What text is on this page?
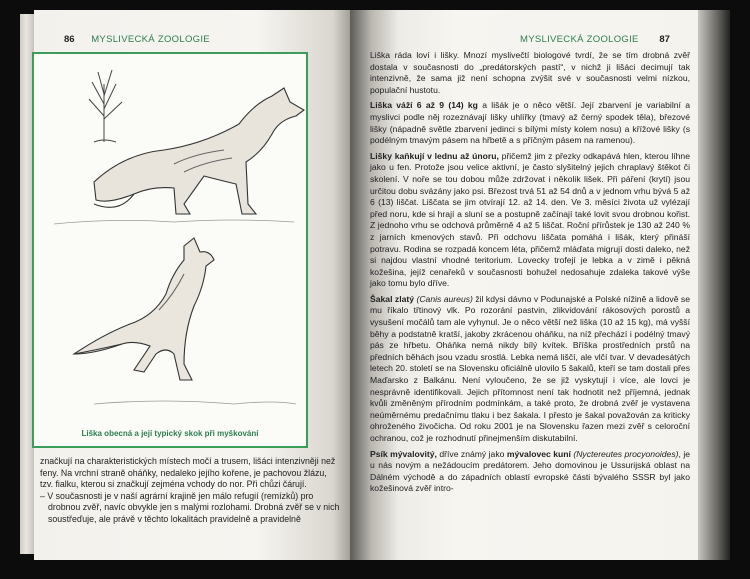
86 MYSLIVECKÁ ZOOLOGIE
Liška obecná a její typický skok při myškování

značkují na charakteristických místech močí a trusem, lišáci intenzivněji než feny. Na vrchní straně oháňky, nedaleko jejího kořene, je pachovou žlázu, tzv. fialku, kterou si značkují zejména vchody do nor. Při chůzi čárují.

– V současnosti je v naší agrární krajině jen málo refugií (remízků) pro drobnou zvěř, navíc obvykle jen s malými rozlohami. Drobná zvěř se v nich soustřeďuje, ale právě v těchto lokalitách pravidelně a pravidelně

MYSLIVECKÁ ZOOLOGIE 87

Liška ráda loví i lišky. Mnozí myslivečtí biologové tvrdí, že se tím drobná zvěř dostala v současnosti do „predátorských pastí“, v nichž ji lišáci decimují tak intenzivně, že sama již není schopna zvýšit své v současnosti velmi nízkou, populační hustotu.

Liška váží 6 až 9 (14) kg a lišák je o něco větší. Její zbarvení je variabilní a myslivci podle něj rozeznávají lišky uhlířky (tmavý až černý spodek těla), březové lišky (nápadně světle zbarvení jedinci s bílými místy kolem nosu) a křížové lišky (s podélným tmavým pásem na hřbetě a s příčným pásem na ramenou).

Lišky kaňkují v lednu až únoru, přičemž jim z přezky odkapává hlen, kterou líhne jako u fen. Protože jsou velice aktivní, je často slyšitelný jejich chraplavý štěkot či skolení. V noře se tou dobou může zdržovat i několik lišek. Při páření (krytí) jsou určitou dobu svázány jako psi. Březost trvá 51 až 54 dnů a v jednom vrhu bývá 5 až 6 (13) liščat. Liščata se jim otvírají 12. až 14. den. Ve 3. měsíci života už vylézají před noru, kde si hrají a sluní se a postupně začínají také lovit svou drobnou kořist. Z jednoho vrhu se odchová průměrně 4 až 5 liščat. Roční přírůstek je 130 až 240 % z jarních kmenových stavů. Při odchovu liščata pomáhá i lišák, který přináší potravu. Rodina se rozpadá koncem léta, přičemž mláďata migrují dosti daleko, než si najdou vlastní vhodné teritorium. Lovecky trofejí je lebka a v zimě i pěkná kožešina, jejíž cenařeků v současnosti bohužel nedosahuje zdaleka takové výše jako tomu bylo dříve.

Šakal zlatý (Canis aureus) žil kdysi dávno v Podunajské a Polské nížině a lidově se mu říkalo třtinový vlk. Po rozorání pastvin, zlikvidování rákosových porostů a vysušení močálů tam ale vyhynul. Je o něco větší než liška (10 až 15 kg), má vyšší běhy a podstatně kratší, jakoby zkrácenou oháňku, na níž přechází i podélný tmavý pás ze hřbetu. Oháňka nemá nikdy bílý kvítek. Bříška prostředních prstů na předních běhách jsou vzadu srostlá. Lebka nemá liščí, ale vlčí tvar. V devadesátých letech 20. století se na Slovensku oficiálně ulovilo 5 šakalů, kteří se tam dostali přes Maďarsko z Balkánu. Není vyloučeno, že se již vyskytují i více, ale lovci je nesprávně identifikovali. Jejich přítomnost není tak hodnotit než příjemná, jednak kvůli změněným přírodním podmínkám, a také proto, že drobná zvěř je vystavena neúměrnému predačnímu tlaku i bez šakala. I přesto je šakal považován za kriticky ohroženého živočicha. Od roku 2001 je na Slovensku řazen mezi zvěř s celoroční ochranou, což je rozhodnutí přinejmenším diskutabilní.

Psík mývalovitý, dříve známý jako mývalovec kuní (Nyctereutes procyonoides), je u nás novým a nežádoucím predátorem. Jeho domovinou je Ussurijská oblast na Dálném východě a do západních oblastí evropské části bývalého SSSR byl jako kožešinová zvěř intro-
